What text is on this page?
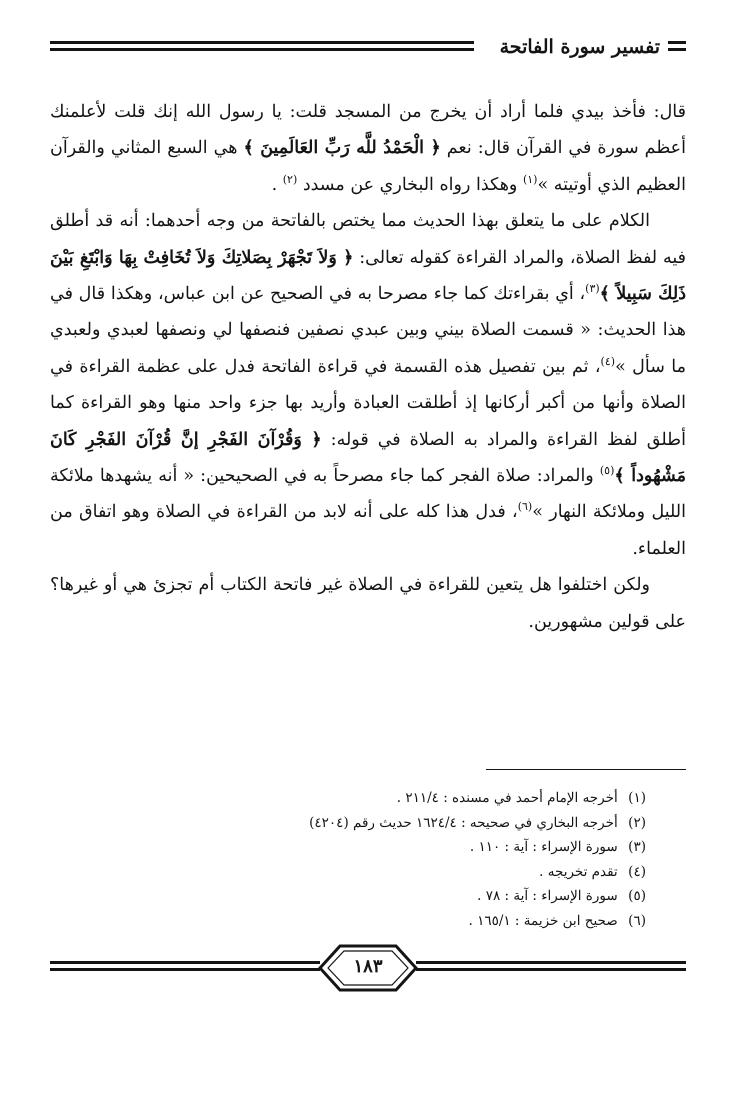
تفسير سورة الفاتحة

قال: فأخذ بيدي فلما أراد أن يخرج من المسجد قلت: يا رسول الله إنك قلت لأعلمنك أعظم سورة في القرآن قال: نعم ﴿ الْحَمْدُ للَّه رَبِّ العَالَمِينَ ﴾ هي السبع المثاني والقرآن العظيم الذي أوتيته »$^{(١)}$ وهكذا رواه البخاري عن مسدد $^{(٢)}$ .

الكلام على ما يتعلق بهذا الحديث مما يختص بالفاتحة من وجه أحدهما: أنه قد أطلق فيه لفظ الصلاة، والمراد القراءة كقوله تعالى: ﴿ وَلاَ تَجْهَرْ بِصَلاتِكَ وَلاَ تُخَافِتْ بِهَا وَابْتَغِ بَيْنَ ذَلِكَ سَبِيلاً ﴾$^{(٣)}$، أي بقراءتك كما جاء مصرحا به في الصحيح عن ابن عباس، وهكذا قال في هذا الحديث: « قسمت الصلاة بيني وبين عبدي نصفين فنصفها لي ونصفها لعبدي ولعبدي ما سأل »$^{(٤)}$، ثم بين تفصيل هذه القسمة في قراءة الفاتحة فدل على عظمة القراءة في الصلاة وأنها من أكبر أركانها إذ أطلقت العبادة وأريد بها جزء واحد منها وهو القراءة كما أطلق لفظ القراءة والمراد به الصلاة في قوله: ﴿ وَقُرْآنَ الفَجْرِ إنَّ قُرْآنَ الفَجْرِ كَانَ مَشْهُوداً ﴾$^{(٥)}$ والمراد: صلاة الفجر كما جاء مصرحاً به في الصحيحين: « أنه يشهدها ملائكة الليل وملائكة النهار »$^{(٦)}$، فدل هذا كله على أنه لابد من القراءة في الصلاة وهو اتفاق من العلماء.

ولكن اختلفوا هل يتعين للقراءة في الصلاة غير فاتحة الكتاب أم تجزئ هي أو غيرها؟ على قولين مشهورين.

(١) أخرجه الإمام أحمد في مسنده : ٢١١/٤ .
(٢) أخرجه البخاري في صحيحه : ١٦٢٤/٤ حديث رقم (٤٢٠٤)
(٣) سورة الإسراء : آية : ١١٠ .
(٤) تقدم تخريجه .
(٥) سورة الإسراء : آية : ٧٨ .
(٦) صحيح ابن خزيمة : ١٦٥/١ .
١٨٣
